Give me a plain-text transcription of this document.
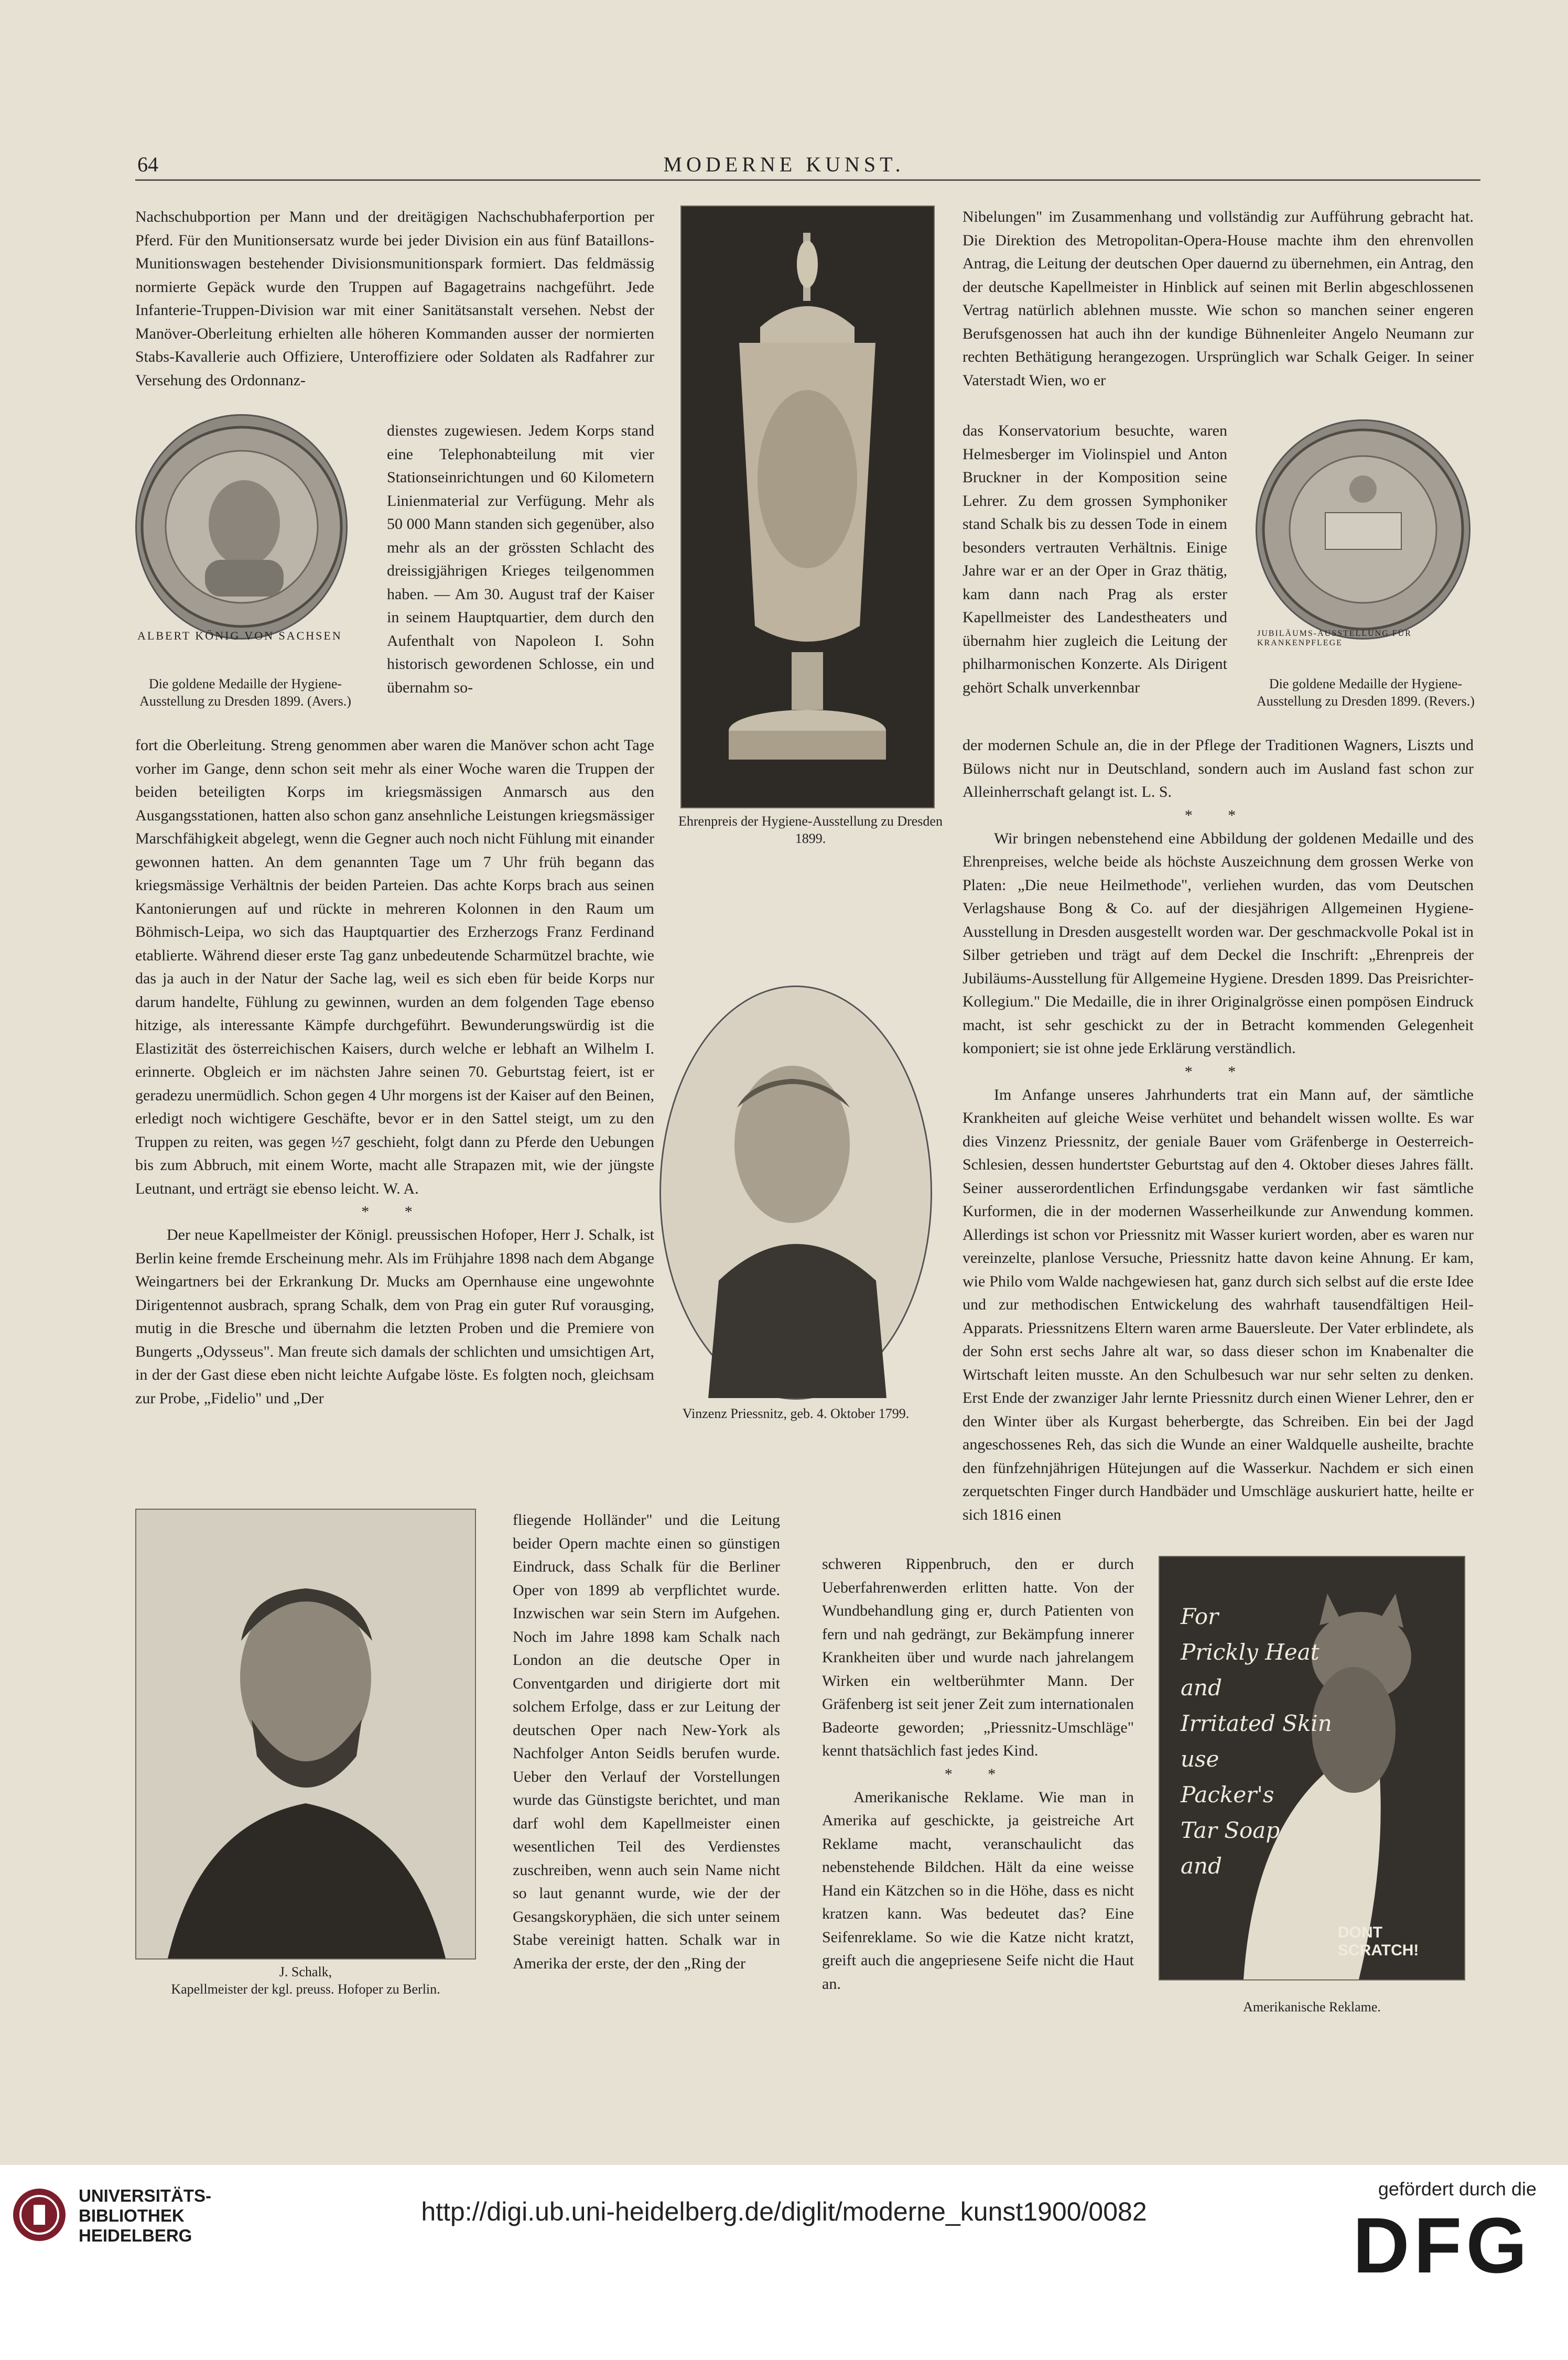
64	MODERNE KUNST.

Nachschubportion per Mann und der dreitägigen Nachschubhaferportion per Pferd. Für den Munitionsersatz wurde bei jeder Division ein aus fünf Bataillons-Munitionswagen bestehender Divisionsmunitionspark formiert. Das feldmässig normierte Gepäck wurde den Truppen auf Bagagetrains nachgeführt. Jede Infanterie-Truppen-Division war mit einer Sanitätsanstalt versehen. Nebst der Manöver-Oberleitung erhielten alle höheren Kommanden ausser der normierten Stabs-Kavallerie auch Offiziere, Unteroffiziere oder Soldaten als Radfahrer zur Versehung des Ordonnanz-

ALBERT KÖNIG VON SACHSEN
Die goldene Medaille der Hygiene-Ausstellung zu Dresden 1899. (Avers.)

dienstes zugewiesen. Jedem Korps stand eine Telephonabteilung mit vier Stationseinrichtungen und 60 Kilometern Linienmaterial zur Verfügung. Mehr als 50 000 Mann standen sich gegenüber, also mehr als an der grössten Schlacht des dreissigjährigen Krieges teilgenommen haben. — Am 30. August traf der Kaiser in seinem Hauptquartier, dem durch den Aufenthalt von Napoleon I. Sohn historisch gewordenen Schlosse, ein und übernahm so-

fort die Oberleitung. Streng genommen aber waren die Manöver schon acht Tage vorher im Gange, denn schon seit mehr als einer Woche waren die Truppen der beiden beteiligten Korps im kriegsmässigen Anmarsch aus den Ausgangsstationen, hatten also schon ganz ansehnliche Leistungen kriegsmässiger Marschfähigkeit abgelegt, wenn die Gegner auch noch nicht Fühlung mit einander gewonnen hatten. An dem genannten Tage um 7 Uhr früh begann das kriegsmässige Verhältnis der beiden Parteien. Das achte Korps brach aus seinen Kantonierungen auf und rückte in mehreren Kolonnen in den Raum um Böhmisch-Leipa, wo sich das Hauptquartier des Erzherzogs Franz Ferdinand etablierte. Während dieser erste Tag ganz unbedeutende Scharmützel brachte, wie das ja auch in der Natur der Sache lag, weil es sich eben für beide Korps nur darum handelte, Fühlung zu gewinnen, wurden an dem folgenden Tage ebenso hitzige, als interessante Kämpfe durchgeführt. Bewunderungswürdig ist die Elastizität des österreichischen Kaisers, durch welche er lebhaft an Wilhelm I. erinnerte. Obgleich er im nächsten Jahre seinen 70. Geburtstag feiert, ist er geradezu unermüdlich. Schon gegen 4 Uhr morgens ist der Kaiser auf den Beinen, erledigt noch wichtigere Geschäfte, bevor er in den Sattel steigt, um zu den Truppen zu reiten, was gegen ½7 geschieht, folgt dann zu Pferde den Uebungen bis zum Abbruch, mit einem Worte, macht alle Strapazen mit, wie der jüngste Leutnant, und erträgt sie ebenso leicht. W. A.

* *

Der neue Kapellmeister der Königl. preussischen Hofoper, Herr J. Schalk, ist Berlin keine fremde Erscheinung mehr. Als im Frühjahre 1898 nach dem Abgange Weingartners bei der Erkrankung Dr. Mucks am Opernhause eine ungewohnte Dirigentennot ausbrach, sprang Schalk, dem von Prag ein guter Ruf vorausging, mutig in die Bresche und übernahm die letzten Proben und die Premiere von Bungerts „Odysseus". Man freute sich damals der schlichten und umsichtigen Art, in der der Gast diese eben nicht leichte Aufgabe löste. Es folgten noch, gleichsam zur Probe, „Fidelio" und „Der

Ehrenpreis der Hygiene-Ausstellung zu Dresden 1899.

Nibelungen" im Zusammenhang und vollständig zur Aufführung gebracht hat. Die Direktion des Metropolitan-Opera-House machte ihm den ehrenvollen Antrag, die Leitung der deutschen Oper dauernd zu übernehmen, ein Antrag, den der deutsche Kapellmeister in Hinblick auf seinen mit Berlin abgeschlossenen Vertrag natürlich ablehnen musste. Wie schon so manchen seiner engeren Berufsgenossen hat auch ihn der kundige Bühnenleiter Angelo Neumann zur rechten Bethätigung herangezogen. Ursprünglich war Schalk Geiger. In seiner Vaterstadt Wien, wo er

das Konservatorium besuchte, waren Helmesberger im Violinspiel und Anton Bruckner in der Komposition seine Lehrer. Zu dem grossen Symphoniker stand Schalk bis zu dessen Tode in einem besonders vertrauten Verhältnis. Einige Jahre war er an der Oper in Graz thätig, kam dann nach Prag als erster Kapellmeister des Landestheaters und übernahm hier zugleich die Leitung der philharmonischen Konzerte. Als Dirigent gehört Schalk unverkennbar

JUBILÄUMS-AUSSTELLUNG FÜR KRANKENPFLEGE
Die goldene Medaille der Hygiene-Ausstellung zu Dresden 1899. (Revers.)

der modernen Schule an, die in der Pflege der Traditionen Wagners, Liszts und Bülows nicht nur in Deutschland, sondern auch im Ausland fast schon zur Alleinherrschaft gelangt ist. L. S.

* *

Wir bringen nebenstehend eine Abbildung der goldenen Medaille und des Ehrenpreises, welche beide als höchste Auszeichnung dem grossen Werke von Platen: „Die neue Heilmethode", verliehen wurden, das vom Deutschen Verlagshause Bong & Co. auf der diesjährigen Allgemeinen Hygiene-Ausstellung in Dresden ausgestellt worden war. Der geschmackvolle Pokal ist in Silber getrieben und trägt auf dem Deckel die Inschrift: „Ehrenpreis der Jubiläums-Ausstellung für Allgemeine Hygiene. Dresden 1899. Das Preisrichter-Kollegium." Die Medaille, die in ihrer Originalgrösse einen pompösen Eindruck macht, ist sehr geschickt zu der in Betracht kommenden Gelegenheit komponiert; sie ist ohne jede Erklärung verständlich.

* *

Im Anfange unseres Jahrhunderts trat ein Mann auf, der sämtliche Krankheiten auf gleiche Weise verhütet und behandelt wissen wollte. Es war dies Vinzenz Priessnitz, der geniale Bauer vom Gräfenberge in Oesterreich-Schlesien, dessen hundertster Geburtstag auf den 4. Oktober dieses Jahres fällt. Seiner ausserordentlichen Erfindungsgabe verdanken wir fast sämtliche Kurformen, die in der modernen Wasserheilkunde zur Anwendung kommen. Allerdings ist schon vor Priessnitz mit Wasser kuriert worden, aber es waren nur vereinzelte, planlose Versuche, Priessnitz hatte davon keine Ahnung. Er kam, wie Philo vom Walde nachgewiesen hat, ganz durch sich selbst auf die erste Idee und zur methodischen Entwickelung des wahrhaft tausendfältigen Heil-Apparats. Priessnitzens Eltern waren arme Bauersleute. Der Vater erblindete, als der Sohn erst sechs Jahre alt war, so dass dieser schon im Knabenalter die Wirtschaft leiten musste. An den Schulbesuch war nur sehr selten zu denken. Erst Ende der zwanziger Jahr lernte Priessnitz durch einen Wiener Lehrer, den er den Winter über als Kurgast beherbergte, das Schreiben. Ein bei der Jagd angeschossenes Reh, das sich die Wunde an einer Waldquelle ausheilte, brachte den fünfzehnjährigen Hütejungen auf die Wasserkur. Nachdem er sich einen zerquetschten Finger durch Handbäder und Umschläge auskuriert hatte, heilte er sich 1816 einen

Vinzenz Priessnitz, geb. 4. Oktober 1799.
J. Schalk,
Kapellmeister der kgl. preuss. Hofoper zu Berlin.

fliegende Holländer" und die Leitung beider Opern machte einen so günstigen Eindruck, dass Schalk für die Berliner Oper von 1899 ab verpflichtet wurde. Inzwischen war sein Stern im Aufgehen. Noch im Jahre 1898 kam Schalk nach London an die deutsche Oper in Conventgarden und dirigierte dort mit solchem Erfolge, dass er zur Leitung der deutschen Oper nach New-York als Nachfolger Anton Seidls berufen wurde. Ueber den Verlauf der Vorstellungen wurde das Günstigste berichtet, und man darf wohl dem Kapellmeister einen wesentlichen Teil des Verdienstes zuschreiben, wenn auch sein Name nicht so laut genannt wurde, wie der der Gesangskoryphäen, die sich unter seinem Stabe vereinigt hatten. Schalk war in Amerika der erste, der den „Ring der

schweren Rippenbruch, den er durch Ueberfahrenwerden erlitten hatte. Von der Wundbehandlung ging er, durch Patienten von fern und nah gedrängt, zur Bekämpfung innerer Krankheiten über und wurde nach jahrelangem Wirken ein weltberühmter Mann. Der Gräfenberg ist seit jener Zeit zum internationalen Badeorte geworden; „Priessnitz-Umschläge" kennt thatsächlich fast jedes Kind.

* *

Amerikanische Reklame. Wie man in Amerika auf geschickte, ja geistreiche Art Reklame macht, veranschaulicht das nebenstehende Bildchen. Hält da eine weisse Hand ein Kätzchen so in die Höhe, dass es nicht kratzen kann. Was bedeutet das? Eine Seifenreklame. So wie die Katze nicht kratzt, greift auch die angepriesene Seife nicht die Haut an.

For
Prickly Heat
and
Irritated Skin
use
Packer's
Tar Soap
and
DONT SCRATCH!
Amerikanische Reklame.
UNIVERSITÄTS-
BIBLIOTHEK
HEIDELBERG
http://digi.ub.uni-heidelberg.de/diglit/moderne_kunst1900/0082
gefördert durch die
DFG
